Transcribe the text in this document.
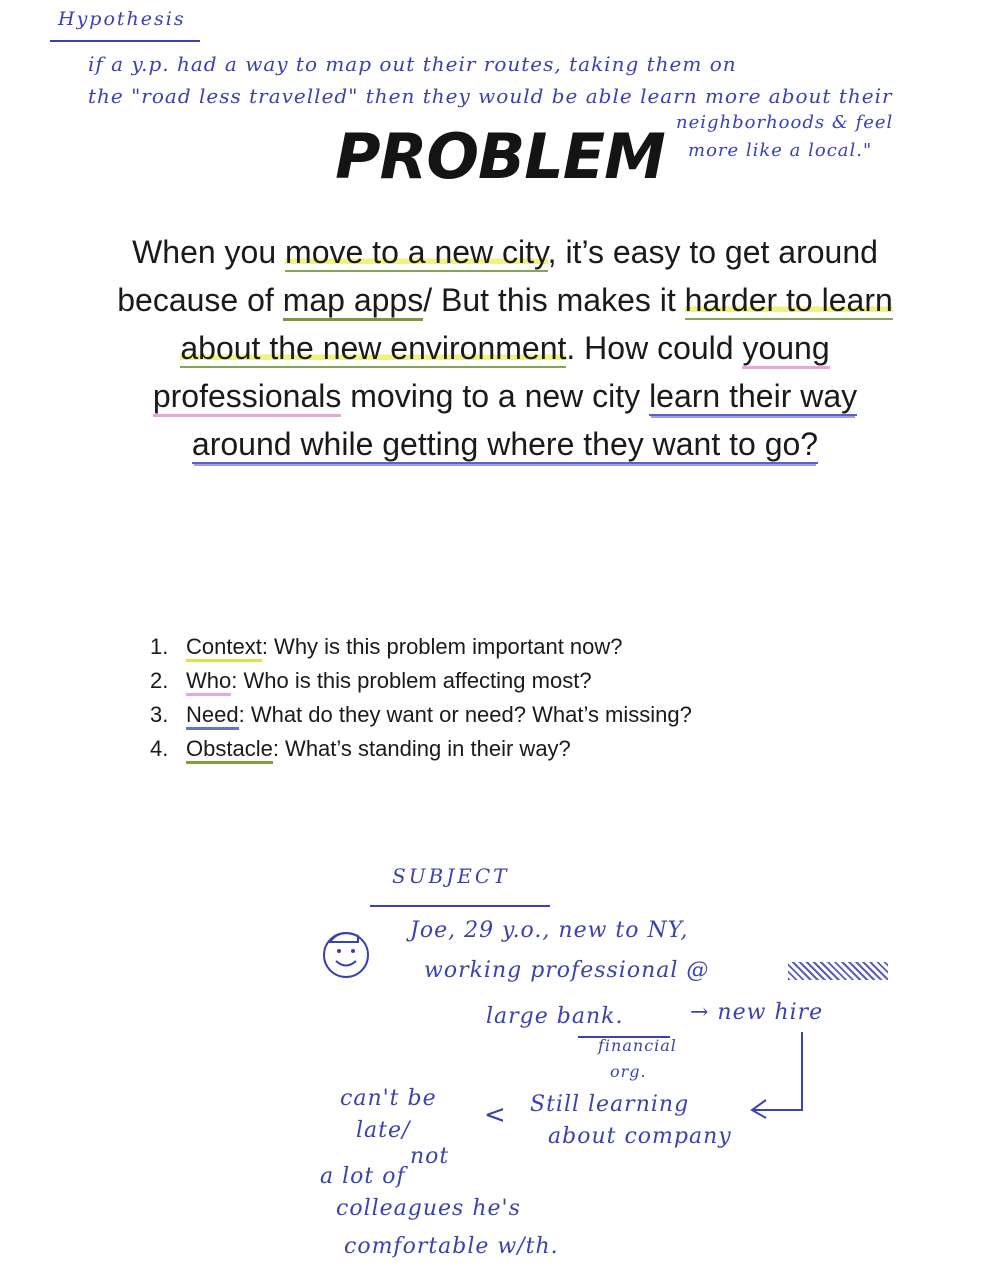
Hypothesis
if a y.p. had a way to map out their routes, taking them on
the "road less travelled" then they would be able learn more about their
neighborhoods & feel
more like a local."
PROBLEM

When you move to a new city, it’s easy to get around because of map apps/ But this makes it harder to learn about the new environment. How could young professionals moving to a new city learn their way around while getting where they want to go?

1. Context: Why is this problem important now?
2. Who: Who is this problem affecting most?
3. Need: What do they want or need? What’s missing?
4. Obstacle: What’s standing in their way?
SUBJECT
Joe, 29 y.o., new to NY,
working professional @
large bank.	→ new hire
financial
org.
Still learning
about company
<
can't be
late/
not
a lot of
colleagues he's
comfortable w/th.
